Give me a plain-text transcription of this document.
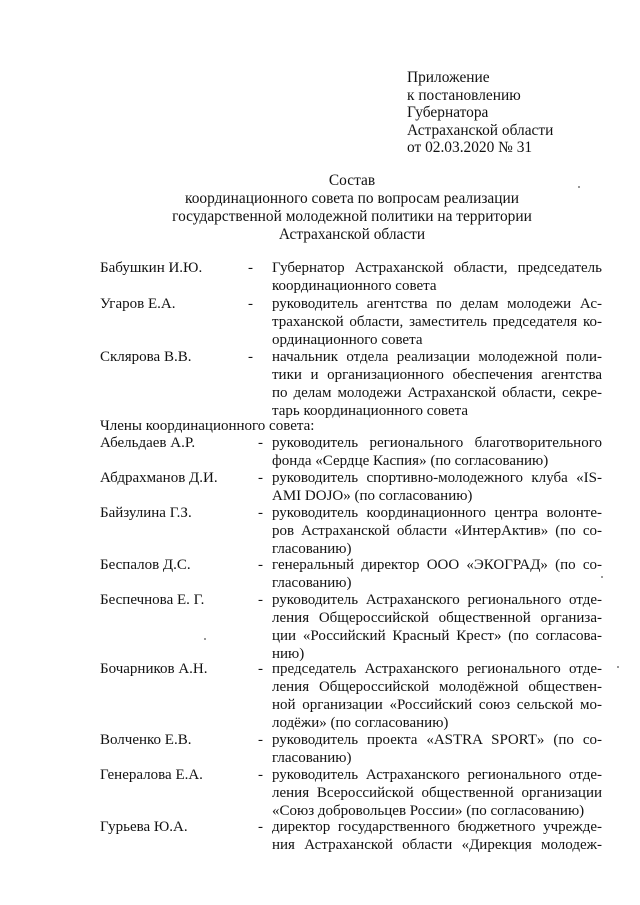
Приложение
к постановлению
Губернатора
Астраханской области
от 02.03.2020 № 31
Состав
координационного совета по вопросам реализации
государственной молодежной политики на территории
Астраханской области
Бабушкин И.Ю.	- Губернатор Астраханской области, председатель
координационного совета
Угаров Е.А.	- руководитель агентства по делам молодежи Ас-
траханской области, заместитель председателя ко-
ординационного совета
Склярова В.В.	- начальник отдела реализации молодежной поли-
тики и организационного обеспечения агентства
по делам молодежи Астраханской области, секре-
тарь координационного совета
Члены координационного совета:
Абельдаев А.Р.	- руководитель регионального благотворительного
фонда «Сердце Каспия» (по согласованию)
Абдрахманов Д.И.	- руководитель спортивно-молодежного клуба «IS-
AMI DOJO» (по согласованию)
Байзулина Г.З.	- руководитель координационного центра волонте-
ров Астраханской области «ИнтерАктив» (по со-
гласованию)
Беспалов Д.С.	- генеральный директор ООО «ЭКОГРАД» (по со-
гласованию)
Беспечнова Е. Г.	- руководитель Астраханского регионального отде-
ления Общероссийской общественной организа-
ции «Российский Красный Крест» (по согласова-
нию)
Бочарников А.Н.	- председатель Астраханского регионального отде-
ления Общероссийской молодёжной обществен-
ной организации «Российский союз сельской мо-
лодёжи» (по согласованию)
Волченко Е.В.	- руководитель проекта «ASTRA SPORT» (по со-
гласованию)
Генералова Е.А.	- руководитель Астраханского регионального отде-
ления Всероссийской общественной организации
«Союз добровольцев России» (по согласованию)
Гурьева Ю.А.	- директор государственного бюджетного учрежде-
ния Астраханской области «Дирекция молодеж-
